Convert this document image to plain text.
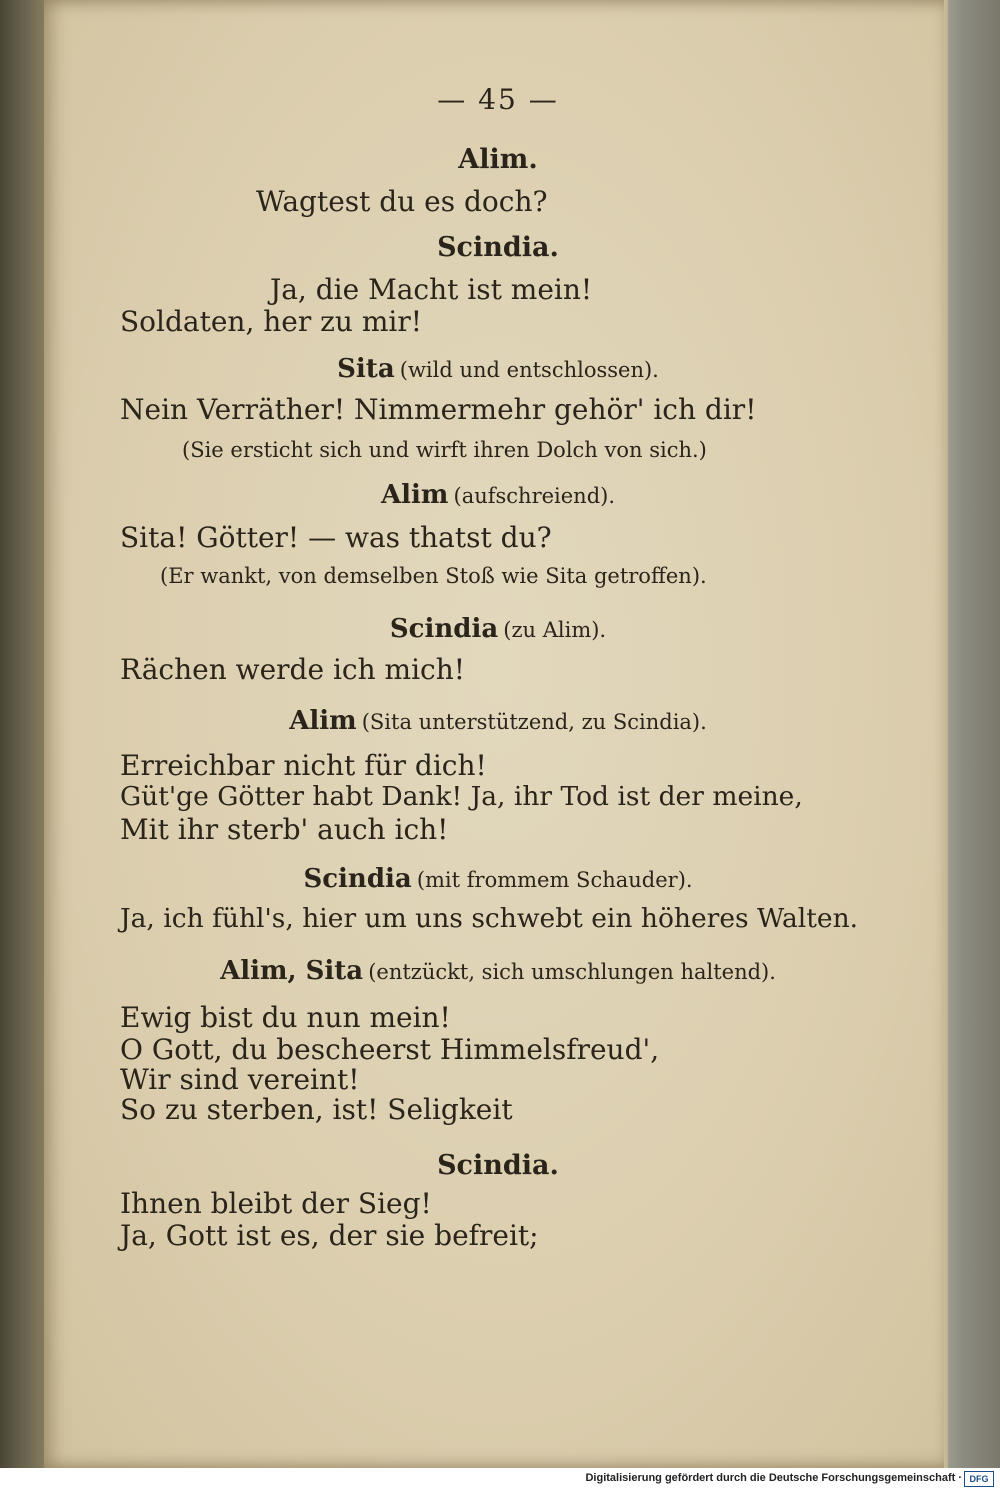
— 45 —
Alim.
Wagtest du es doch?
Scindia.
Ja, die Macht ist mein!
Soldaten, her zu mir!
Sita (wild und entschlossen).
Nein Verräther! Nimmermehr gehör' ich dir!
(Sie ersticht sich und wirft ihren Dolch von sich.)
Alim (aufschreiend).
Sita! Götter! — was thatst du?
(Er wankt, von demselben Stoß wie Sita getroffen).
Scindia (zu Alim).
Rächen werde ich mich!
Alim (Sita unterstützend, zu Scindia).
Erreichbar nicht für dich!
Güt'ge Götter habt Dank! Ja, ihr Tod ist der meine,
Mit ihr sterb' auch ich!
Scindia (mit frommem Schauder).
Ja, ich fühl's, hier um uns schwebt ein höheres Walten.
Alim, Sita (entzückt, sich umschlungen haltend).
Ewig bist du nun mein!
O Gott, du bescheerst Himmelsfreud',
Wir sind vereint!
So zu sterben, ist! Seligkeit
Scindia.
Ihnen bleibt der Sieg!
Ja, Gott ist es, der sie befreit;
Digitalisierung gefördert durch die Deutsche Forschungsgemeinschaft · DFG
